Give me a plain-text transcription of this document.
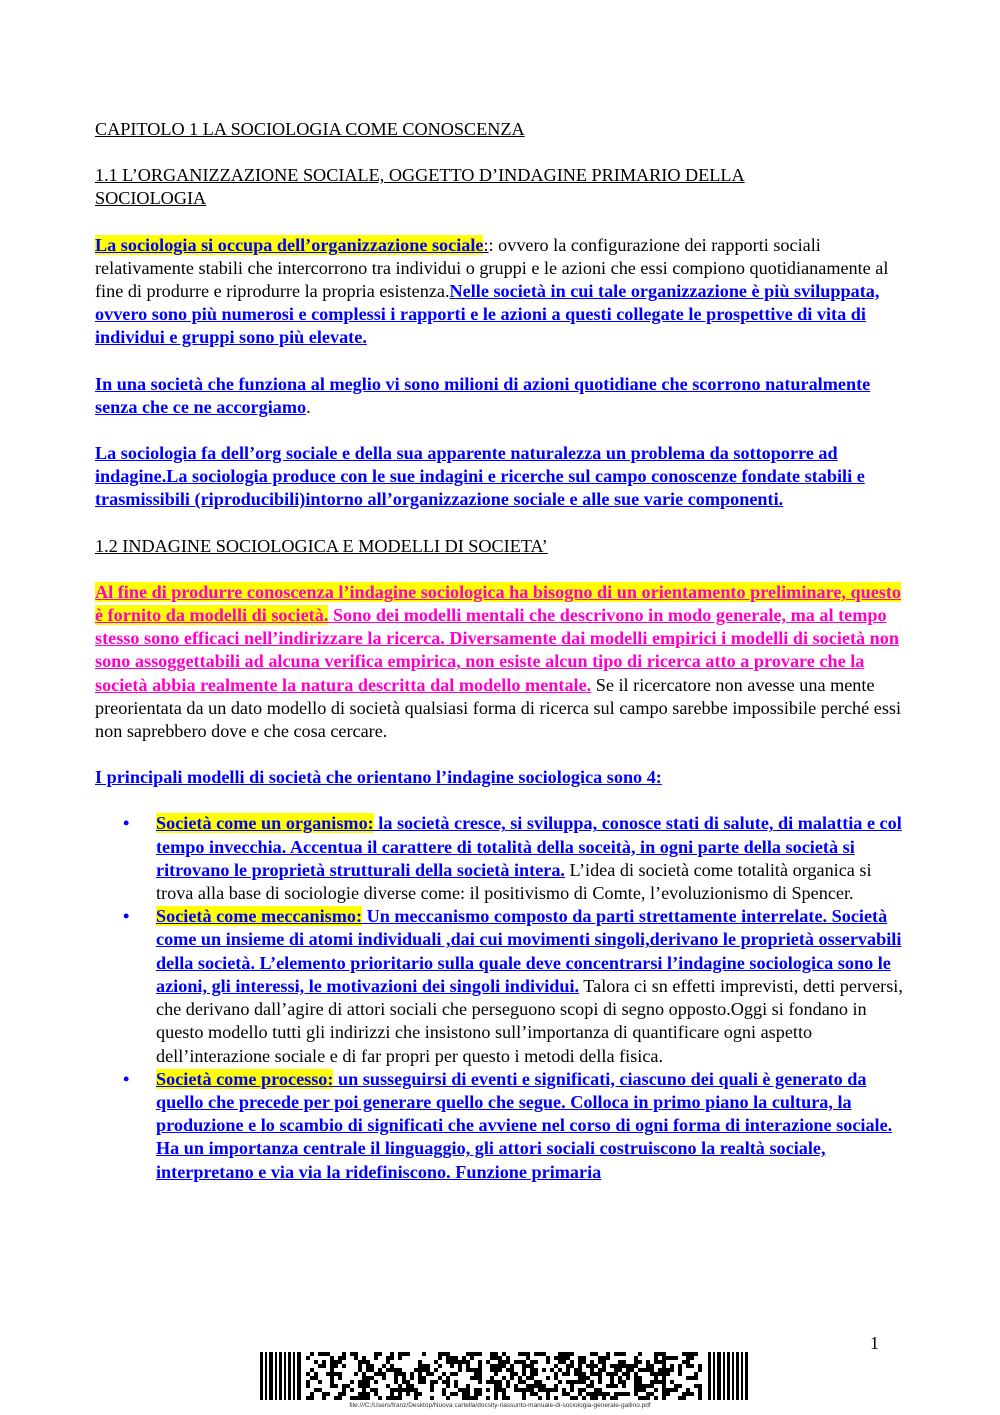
CAPITOLO 1 LA SOCIOLOGIA COME CONOSCENZA

1.1 L’ORGANIZZAZIONE SOCIALE, OGGETTO D’INDAGINE PRIMARIO DELLA
SOCIOLOGIA

La sociologia si occupa dell’organizzazione sociale:: ovvero la configurazione dei rapporti sociali relativamente stabili che intercorrono tra individui o gruppi e le azioni che essi compiono quotidianamente al fine di produrre e riprodurre la propria esistenza.Nelle società in cui tale organizzazione è più sviluppata, ovvero sono più numerosi e complessi i rapporti e le azioni a questi collegate le prospettive di vita di individui e gruppi sono più elevate.

In una società che funziona al meglio vi sono milioni di azioni quotidiane che scorrono naturalmente senza che ce ne accorgiamo.

La sociologia fa dell’org sociale e della sua apparente naturalezza un problema da sottoporre ad indagine.La sociologia produce con le sue indagini e ricerche sul campo conoscenze fondate stabili e trasmissibili (riproducibili)intorno all’organizzazione sociale e alle sue varie componenti.

1.2 INDAGINE SOCIOLOGICA E MODELLI DI SOCIETA’

Al fine di produrre conoscenza l’indagine sociologica ha bisogno di un orientamento preliminare, questo è fornito da modelli di società. Sono dei modelli mentali che descrivono in modo generale, ma al tempo stesso sono efficaci nell’indirizzare la ricerca. Diversamente dai modelli empirici i modelli di società non sono assoggettabili ad alcuna verifica empirica, non esiste alcun tipo di ricerca atto a provare che la società abbia realmente la natura descritta dal modello mentale. Se il ricercatore non avesse una mente preorientata da un dato modello di società qualsiasi forma di ricerca sul campo sarebbe impossibile perché essi non saprebbero dove e che cosa cercare.

I principali modelli di società che orientano l’indagine sociologica sono 4:

• Società come un organismo: la società cresce, si sviluppa, conosce stati di salute, di malattia e col tempo invecchia. Accentua il carattere di totalità della soceità, in ogni parte della società si ritrovano le proprietà strutturali della società intera. L’idea di società come totalità organica si trova alla base di sociologie diverse come: il positivismo di Comte, l’evoluzionismo di Spencer.
• Società come meccanismo: Un meccanismo composto da parti strettamente interrelate. Società come un insieme di atomi individuali ,dai cui movimenti singoli,derivano le proprietà osservabili della società. L’elemento prioritario sulla quale deve concentrarsi l’indagine sociologica sono le azioni, gli interessi, le motivazioni dei singoli individui. Talora ci sn effetti imprevisti, detti perversi, che derivano dall’agire di attori sociali che perseguono scopi di segno opposto.Oggi si fondano in questo modello tutti gli indirizzi che insistono sull’importanza di quantificare ogni aspetto dell’interazione sociale e di far propri per questo i metodi della fisica.
• Società come processo: un susseguirsi di eventi e significati, ciascuno dei quali è generato da quello che precede per poi generare quello che segue. Colloca in primo piano la cultura, la produzione e lo scambio di significati che avviene nel corso di ogni forma di interazione sociale. Ha un importanza centrale il linguaggio, gli attori sociali costruiscono la realtà sociale, interpretano e via via la ridefiniscono. Funzione primaria
1
file:///C:/Users/franz/Desktop/Nuova cartella/docsity-riassunto-manuale-di-sociologia-generale-gallino.pdf
